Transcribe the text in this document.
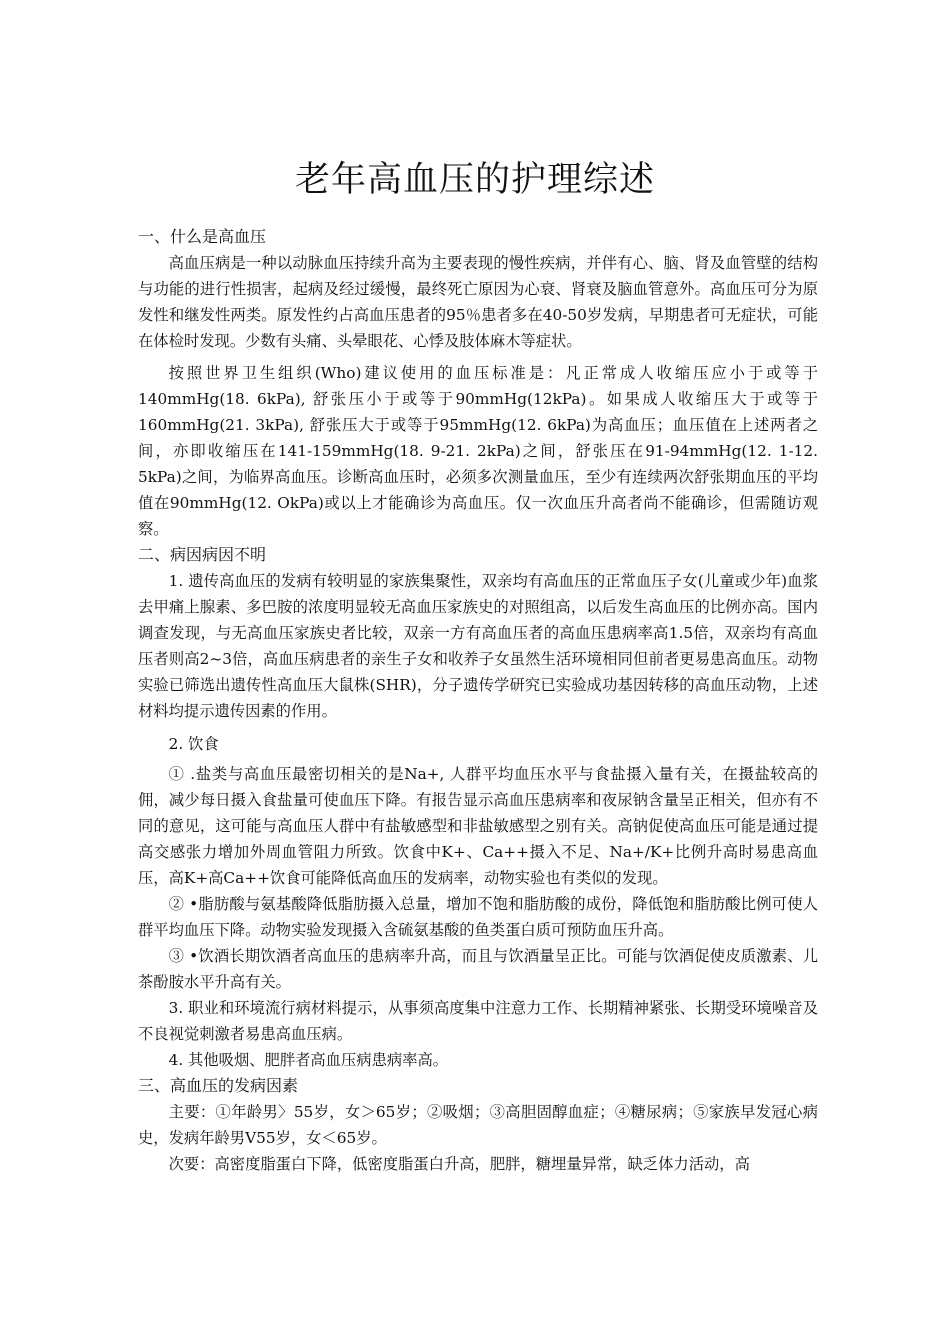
老年高血压的护理综述
一、什么是高血压

高血压病是一种以动脉血压持续升高为主要表现的慢性疾病，并伴有心、脑、肾及血管壁的结构与功能的进行性损害，起病及经过缓慢，最终死亡原因为心衰、肾衰及脑血管意外。高血压可分为原发性和继发性两类。原发性约占高血压患者的95％患者多在40-50岁发病，早期患者可无症状，可能在体检时发现。少数有头痛、头晕眼花、心悸及肢体麻木等症状。

按照世界卫生组织(Who)建议使用的血压标准是：凡正常成人收缩压应小于或等于140mmHg(18. 6kPa), 舒张压小于或等于90mmHg(12kPa)。如果成人收缩压大于或等于160mmHg(21. 3kPa), 舒张压大于或等于95mmHg(12. 6kPa)为高血压；血压值在上述两者之间，亦即收缩压在141-159mmHg(18. 9-21. 2kPa)之间，舒张压在91-94mmHg(12. 1-12. 5kPa)之间，为临界高血压。诊断高血压时，必须多次测量血压，至少有连续两次舒张期血压的平均值在90mmHg(12. OkPa)或以上才能确诊为高血压。仅一次血压升高者尚不能确诊，但需随访观察。

二、病因病因不明

1. 遗传高血压的发病有较明显的家族集聚性，双亲均有高血压的正常血压子女(儿童或少年)血浆去甲痛上腺素、多巴胺的浓度明显较无高血压家族史的对照组高，以后发生高血压的比例亦高。国内调查发现，与无高血压家族史者比较，双亲一方有高血压者的高血压患病率高1.5倍，双亲均有高血压者则高2~3倍，高血压病患者的亲生子女和收养子女虽然生活环境相同但前者更易患高血压。动物实验已筛选出遗传性高血压大鼠株(SHR)，分子遗传学研究已实验成功基因转移的高血压动物，上述材料均提示遗传因素的作用。

2. 饮食

① .盐类与高血压最密切相关的是Na+, 人群平均血压水平与食盐摄入量有关，在摄盐较高的佣，减少每日摄入食盐量可使血压下降。有报告显示高血压患病率和夜尿钠含量呈正相关，但亦有不同的意见，这可能与高血压人群中有盐敏感型和非盐敏感型之别有关。高钠促使高血压可能是通过提高交感张力增加外周血管阻力所致。饮食中K+、Ca++摄入不足、Na+/K+比例升高时易患高血压，高K+高Ca++饮食可能降低高血压的发病率，动物实验也有类似的发现。

② •脂肪酸与氨基酸降低脂肪摄入总量，增加不饱和脂肪酸的成份，降低饱和脂肪酸比例可使人群平均血压下降。动物实验发现摄入含硫氨基酸的鱼类蛋白质可预防血压升高。

③ •饮酒长期饮酒者高血压的患病率升高，而且与饮酒量呈正比。可能与饮酒促使皮质激素、儿茶酚胺水平升高有关。

3. 职业和环境流行病材料提示，从事须高度集中注意力工作、长期精神紧张、长期受环境噪音及不良视觉刺激者易患高血压病。

4. 其他吸烟、肥胖者高血压病患病率高。

三、高血压的发病因素

主要：①年龄男〉55岁，女＞65岁；②吸烟；③高胆固醇血症；④糖尿病；⑤家族早发冠心病史，发病年龄男V55岁，女＜65岁。

次要：高密度脂蛋白下降，低密度脂蛋白升高，肥胖，糖埋量异常，缺乏体力活动，高
